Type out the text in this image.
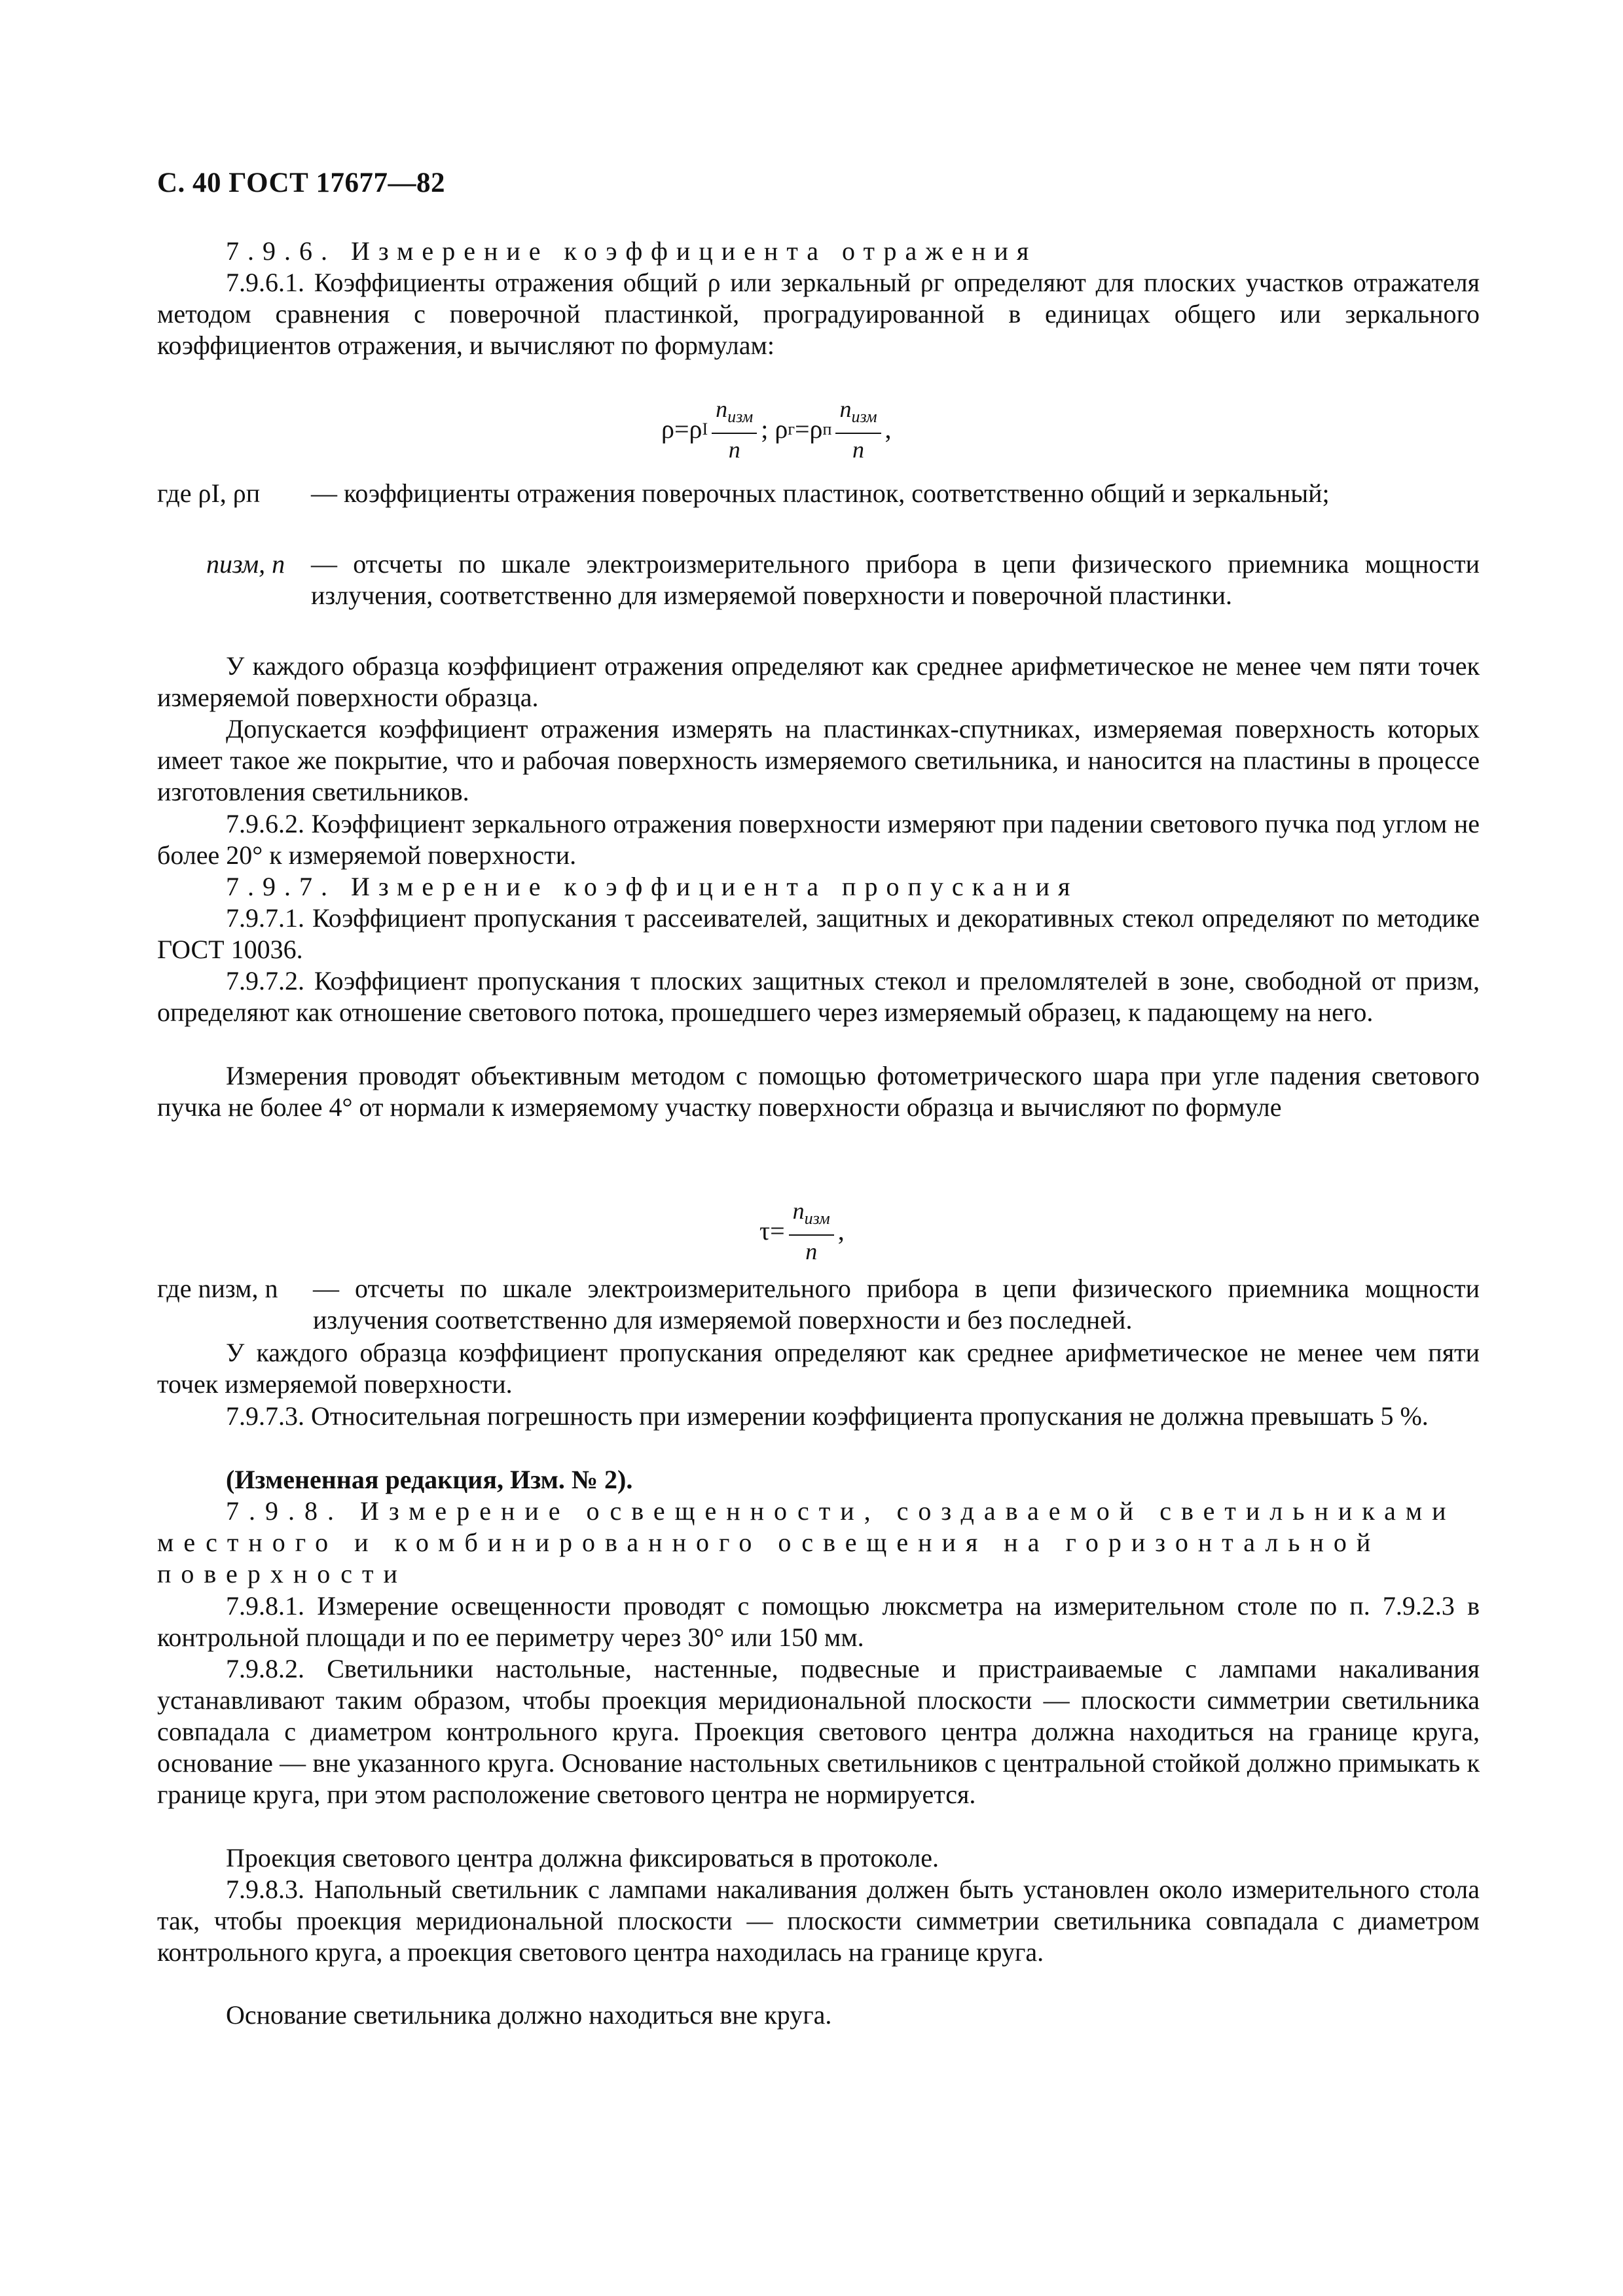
С. 40 ГОСТ 17677—82
7.9.6. Измерение коэффициента отражения
7.9.6.1. Коэффициенты отражения общий ρ или зеркальный ρг определяют для плоских участков отражателя методом сравнения с поверочной пластинкой, проградуированной в единицах общего или зеркального коэффициентов отражения, и вычисляют по формулам:
ρ=ρ I $\frac{n_{изм}}{n}$ ; ρ г =ρ п $\frac{n_{изм}}{n}$ ,
где ρI, ρп — коэффициенты отражения поверочных пластинок, соответственно общий и зеркальный;
nизм, n — отсчеты по шкале электроизмерительного прибора в цепи физического приемника мощности излучения, соответственно для измеряемой поверхности и поверочной пластинки.
У каждого образца коэффициент отражения определяют как среднее арифметическое не менее чем пяти точек измеряемой поверхности образца.
Допускается коэффициент отражения измерять на пластинках-спутниках, измеряемая поверхность которых имеет такое же покрытие, что и рабочая поверхность измеряемого светильника, и наносится на пластины в процессе изготовления светильников.
7.9.6.2. Коэффициент зеркального отражения поверхности измеряют при падении светового пучка под углом не более 20° к измеряемой поверхности.
7.9.7. Измерение коэффициента пропускания
7.9.7.1. Коэффициент пропускания τ рассеивателей, защитных и декоративных стекол определяют по методике ГОСТ 10036.
7.9.7.2. Коэффициент пропускания τ плоских защитных стекол и преломлятелей в зоне, свободной от призм, определяют как отношение светового потока, прошедшего через измеряемый образец, к падающему на него.
Измерения проводят объективным методом с помощью фотометрического шара при угле падения светового пучка не более 4° от нормали к измеряемому участку поверхности образца и вычисляют по формуле
$\tau= \frac{n_{изм}}{n}$ ,
где nизм, n — отсчеты по шкале электроизмерительного прибора в цепи физического приемника мощности излучения соответственно для измеряемой поверхности и без последней.
У каждого образца коэффициент пропускания определяют как среднее арифметическое не менее чем пяти точек измеряемой поверхности.
7.9.7.3. Относительная погрешность при измерении коэффициента пропускания не должна превышать 5 %.
(Измененная редакция, Изм. № 2).
7.9.8. Измерение освещенности, создаваемой светильниками местного и комбинированного освещения на горизонтальной поверхности
7.9.8.1. Измерение освещенности проводят с помощью люксметра на измерительном столе по п. 7.9.2.3 в контрольной площади и по ее периметру через 30° или 150 мм.
7.9.8.2. Светильники настольные, настенные, подвесные и пристраиваемые с лампами накаливания устанавливают таким образом, чтобы проекция меридиональной плоскости — плоскости симметрии светильника совпадала с диаметром контрольного круга. Проекция светового центра должна находиться на границе круга, основание — вне указанного круга. Основание настольных светильников с центральной стойкой должно примыкать к границе круга, при этом расположение светового центра не нормируется.
Проекция светового центра должна фиксироваться в протоколе.
7.9.8.3. Напольный светильник с лампами накаливания должен быть установлен около измерительного стола так, чтобы проекция меридиональной плоскости — плоскости симметрии светильника совпадала с диаметром контрольного круга, а проекция светового центра находилась на границе круга.
Основание светильника должно находиться вне круга.
